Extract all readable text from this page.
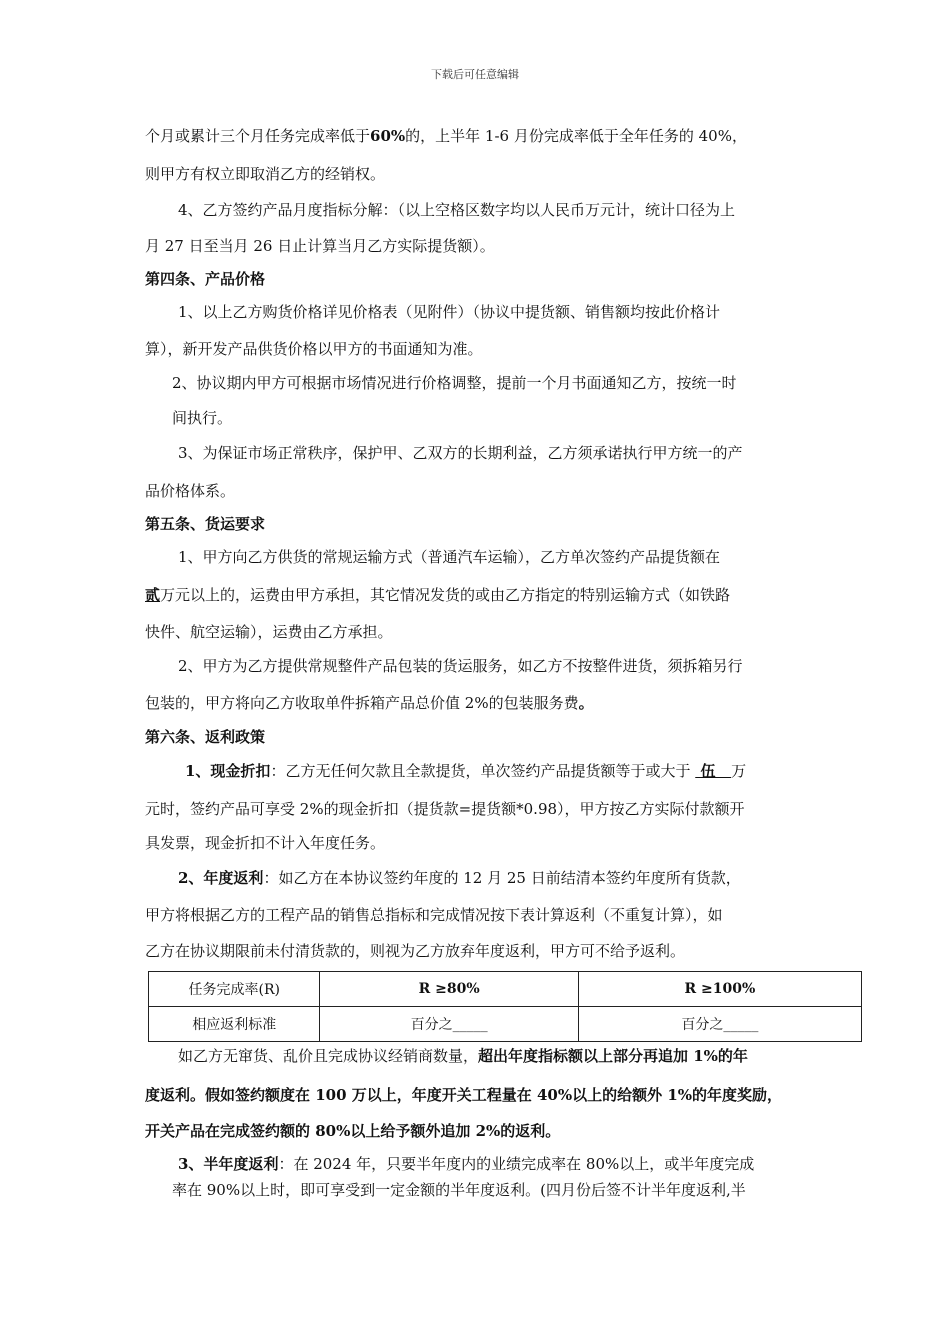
下载后可任意编辑
个月或累计三个月任务完成率低于60%的，上半年 1-6 月份完成率低于全年任务的 40%，
则甲方有权立即取消乙方的经销权。
4、乙方签约产品月度指标分解：（以上空格区数字均以人民币万元计，统计口径为上
月 27 日至当月 26 日止计算当月乙方实际提货额）。
第四条、产品价格
1、以上乙方购货价格详见价格表（见附件）（协议中提货额、销售额均按此价格计
算），新开发产品供货价格以甲方的书面通知为准。
2、协议期内甲方可根据市场情况进行价格调整，提前一个月书面通知乙方，按统一时
间执行。
3、为保证市场正常秩序，保护甲、乙双方的长期利益，乙方须承诺执行甲方统一的产
品价格体系。
第五条、货运要求
1、甲方向乙方供货的常规运输方式（普通汽车运输），乙方单次签约产品提货额在
贰万元以上的，运费由甲方承担，其它情况发货的或由乙方指定的特别运输方式（如铁路
快件、航空运输），运费由乙方承担。
2、甲方为乙方提供常规整件产品包装的货运服务，如乙方不按整件进货，须拆箱另行
包装的，甲方将向乙方收取单件拆箱产品总价值 2%的包装服务费。
第六条、返利政策
1、现金折扣：乙方无任何欠款且全款提货，单次签约产品提货额等于或大于 伍 万
元时，签约产品可享受 2%的现金折扣（提货款=提货额*0.98），甲方按乙方实际付款额开
具发票，现金折扣不计入年度任务。
2、年度返利：如乙方在本协议签约年度的 12 月 25 日前结清本签约年度所有货款，
甲方将根据乙方的工程产品的销售总指标和完成情况按下表计算返利（不重复计算），如
乙方在协议期限前未付清货款的，则视为乙方放弃年度返利，甲方可不给予返利。
任务完成率(R)	R ≥80%	R ≥100%
相应返利标准	百分之_____	百分之_____
如乙方无窜货、乱价且完成协议经销商数量，超出年度指标额以上部分再追加 1%的年
度返利。假如签约额度在 100 万以上，年度开关工程量在 40%以上的给额外 1%的年度奖励，
开关产品在完成签约额的 80%以上给予额外追加 2%的返利。
3、半年度返利：在 2024 年，只要半年度内的业绩完成率在 80%以上，或半年度完成
率在 90%以上时，即可享受到一定金额的半年度返利。(四月份后签不计半年度返利,半
